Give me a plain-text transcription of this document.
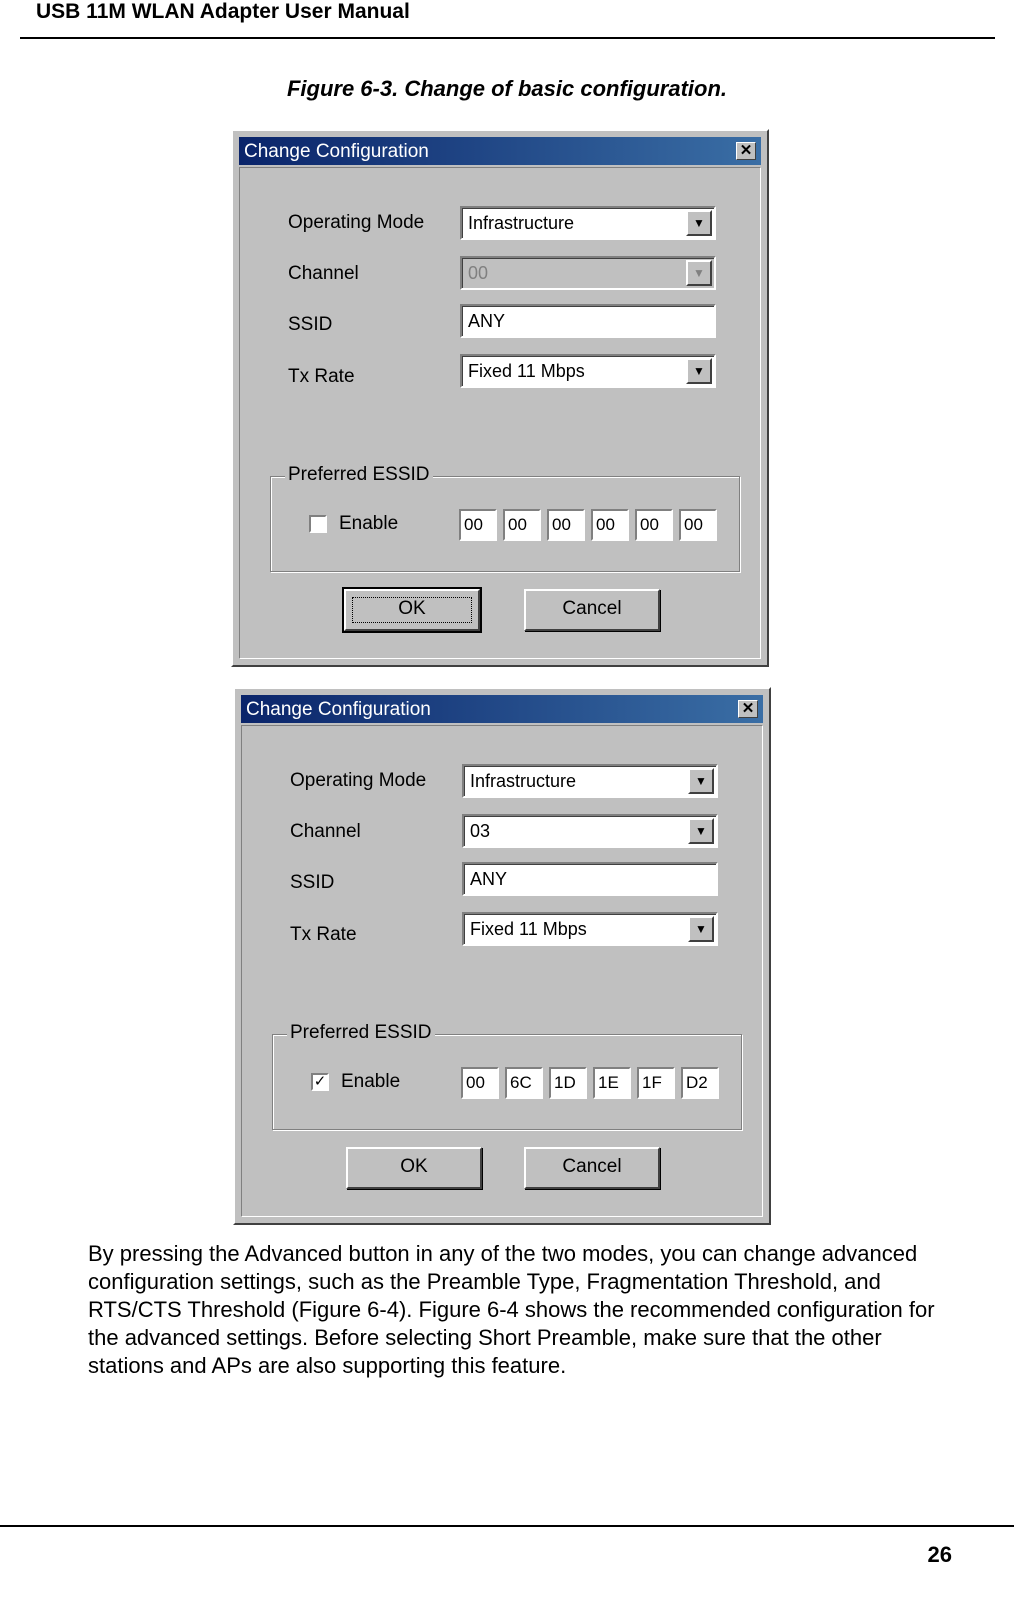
USB 11M WLAN Adapter User Manual
Figure 6-3. Change of basic configuration.
Change Configuration	✕
Operating Mode Infrastructure	▼
Channel	00	▼
SSID	ANY
Tx Rate	Fixed 11 Mbps	▼
Preferred ESSID
Enable	00	00	00	00	00	00
OK	Cancel
Change Configuration	✕
Operating Mode Infrastructure	▼
Channel	03	▼
SSID	ANY
Tx Rate	Fixed 11 Mbps	▼
Preferred ESSID
✓ Enable	00	6C	1D	1E	1F	D2
OK	Cancel
By pressing the Advanced button in any of the two modes, you can change advanced configuration settings, such as the Preamble Type, Fragmentation Threshold, and RTS/CTS Threshold (Figure 6-4). Figure 6-4 shows the recommended configuration for the advanced settings. Before selecting Short Preamble, make sure that the other stations and APs are also supporting this feature.
26
